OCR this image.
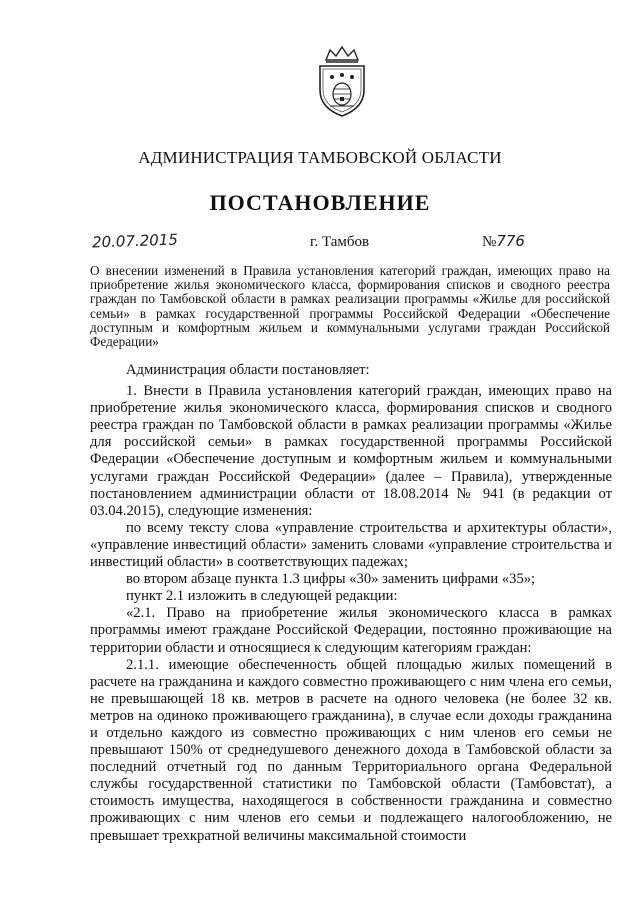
АДМИНИСТРАЦИЯ ТАМБОВСКОЙ ОБЛАСТИ
ПОСТАНОВЛЕНИЕ
20.07.2015	г. Тамбов	№776
О внесении изменений в Правила установления категорий граждан, имеющих право на приобретение жилья экономического класса, формирования списков и сводного реестра граждан по Тамбовской области в рамках реализации программы «Жилье для российской семьи» в рамках государственной программы Российской Федерации «Обеспечение доступным и комфортным жильем и коммунальными услугами граждан Российской Федерации»

Администрация области постановляет:

1. Внести в Правила установления категорий граждан, имеющих право на приобретение жилья экономического класса, формирования списков и сводного реестра граждан по Тамбовской области в рамках реализации программы «Жилье для российской семьи» в рамках государственной программы Российской Федерации «Обеспечение доступным и комфортным жильем и коммунальными услугами граждан Российской Федерации» (далее – Правила), утвержденные постановлением администрации области от 18.08.2014 № 941 (в редакции от 03.04.2015), следующие изменения:

по всему тексту слова «управление строительства и архитектуры области», «управление инвестиций области» заменить словами «управление строительства и инвестиций области» в соответствующих падежах;

во втором абзаце пункта 1.3 цифры «30» заменить цифрами «35»;

пункт 2.1 изложить в следующей редакции:

«2.1. Право на приобретение жилья экономического класса в рамках программы имеют граждане Российской Федерации, постоянно проживающие на территории области и относящиеся к следующим категориям граждан:

2.1.1. имеющие обеспеченность общей площадью жилых помещений в расчете на гражданина и каждого совместно проживающего с ним члена его семьи, не превышающей 18 кв. метров в расчете на одного человека (не более 32 кв. метров на одиноко проживающего гражданина), в случае если доходы гражданина и отдельно каждого из совместно проживающих с ним членов его семьи не превышают 150% от среднедушевого денежного дохода в Тамбовской области за последний отчетный год по данным Территориального органа Федеральной службы государственной статистики по Тамбовской области (Тамбовстат), а стоимость имущества, находящегося в собственности гражданина и совместно проживающих с ним членов его семьи и подлежащего налогообложению, не превышает трехкратной величины максимальной стоимости
